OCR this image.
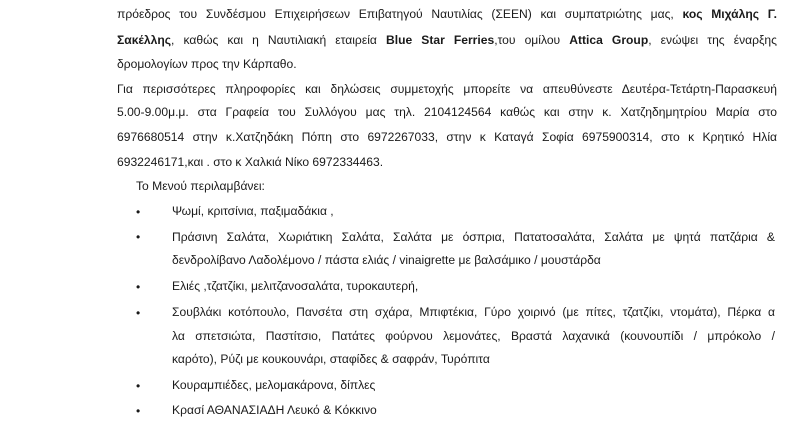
πρόεδρος του Συνδέσμου Επιχειρήσεων Επιβατηγού Ναυτιλίας (ΣΕΕΝ) και συμπατριώτης μας, κος Μιχάλης Γ.
Σακέλλης, καθώς και η Ναυτιλιακή εταιρεία Blue Star Ferries,του ομίλου Attica Group, ενώψει της έναρξης
δρομολογίων προς την Κάρπαθο.
Για περισσότερες πληροφορίες και δηλώσεις συμμετοχής μπορείτε να απευθύνεστε Δευτέρα-Τετάρτη-Παρασκευή
5.00-9.00μ.μ. στα Γραφεία του Συλλόγου μας τηλ. 2104124564 καθώς και στην κ. Χατζηδημητρίου Μαρία στο
6976680514 στην κ.Χατζηδάκη Πόπη στο 6972267033, στην κ Καταγά Σοφία 6975900314, στο κ Κρητικό Ηλία
6932246171,και . στο κ Χαλκιά Νίκο 6972334463.
Το Μενού περιλαμβάνει:
•
Ψωμί, κριτσίνια, παξιμαδάκια ,
•
Πράσινη Σαλάτα, Χωριάτικη Σαλάτα, Σαλάτα με όσπρια, Πατατοσαλάτα, Σαλάτα με ψητά πατζάρια &
δενδρολίβανο Λαδολέμονο / πάστα ελιάς / vinaigrette με βαλσάμικο / μουστάρδα
•
Ελιές ,τζατζίκι, μελιτζανοσαλάτα, τυροκαυτερή,
•
Σουβλάκι κοτόπουλο, Πανσέτα στη σχάρα, Μπιφτέκια, Γύρο χοιρινό (με πίτες, τζατζίκι, ντομάτα), Πέρκα α
λα σπετσιώτα, Παστίτσιο, Πατάτες φούρνου λεμονάτες, Βραστά λαχανικά (κουνουπίδι / μπρόκολο /
καρότο), Ρύζι με κουκουνάρι, σταφίδες & σαφράν, Τυρόπιτα
•
Κουραμπιέδες, μελομακάρονα, δίπλες
•
Κρασί ΑΘΑΝΑΣΙΑΔΗ Λευκό & Κόκκινο
